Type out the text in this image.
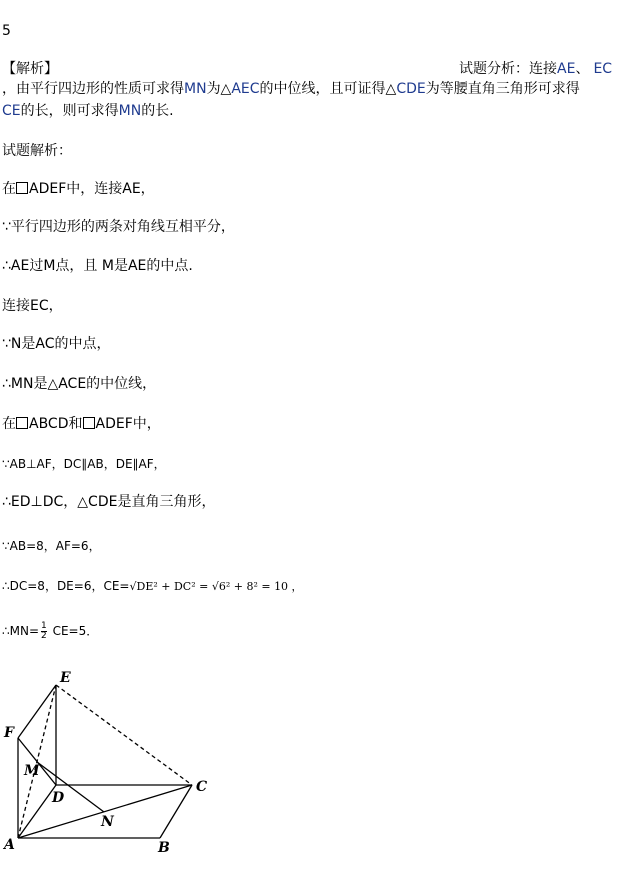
5
【解析】	试题分析：连接AE、 EC
，由平行四边形的性质可求得MN为△AEC的中位线，且可证得△CDE为等腰直角三角形可求得
CE的长，则可求得MN的长.
试题解析：
在 ADEF中，连接AE，
∵平行四边形的两条对角线互相平分，
∴AE过M点，且 M是AE的中点.
连接EC，
∵N是AC的中点，
∴MN是△ACE的中位线，
在 ABCD和 ADEF中，
∵AB⊥AF，DC∥AB，DE∥AF，
∴ED⊥DC，△CDE是直角三角形，
∵AB=8，AF=6，
∴DC=8，DE=6，CE=√DE² + DC² = √6² + 8² = 10 ，
∴MN= $\frac{1}{2} CE=5$．
E
F
M
D
C
N
A	B
